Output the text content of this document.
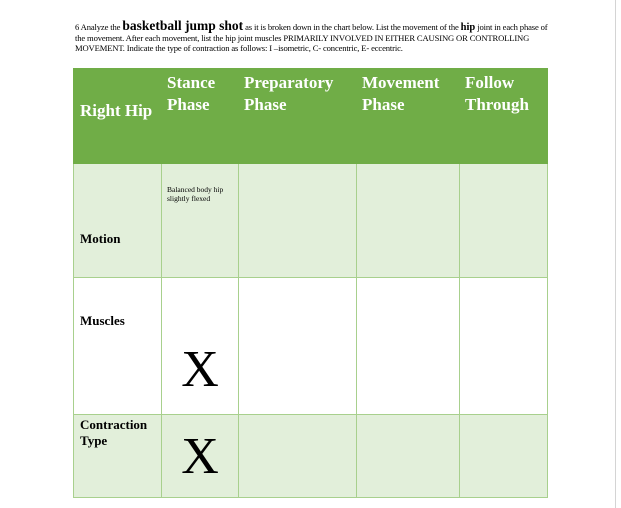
6 Analyze the basketball jump shot as it is broken down in the chart below. List the movement of the hip joint in each phase of the movement. After each movement, list the hip joint muscles PRIMARILY INVOLVED IN EITHER CAUSING OR CONTROLLING MOVEMENT. Indicate the type of contraction as follows: I –isometric, C- concentric, E- eccentric.
Right Hip	Stance Phase	Preparatory Phase	Movement Phase	Follow Through
Motion	Balanced body hip slightly flexed			

Muscles	X			

Contraction Type	X			
